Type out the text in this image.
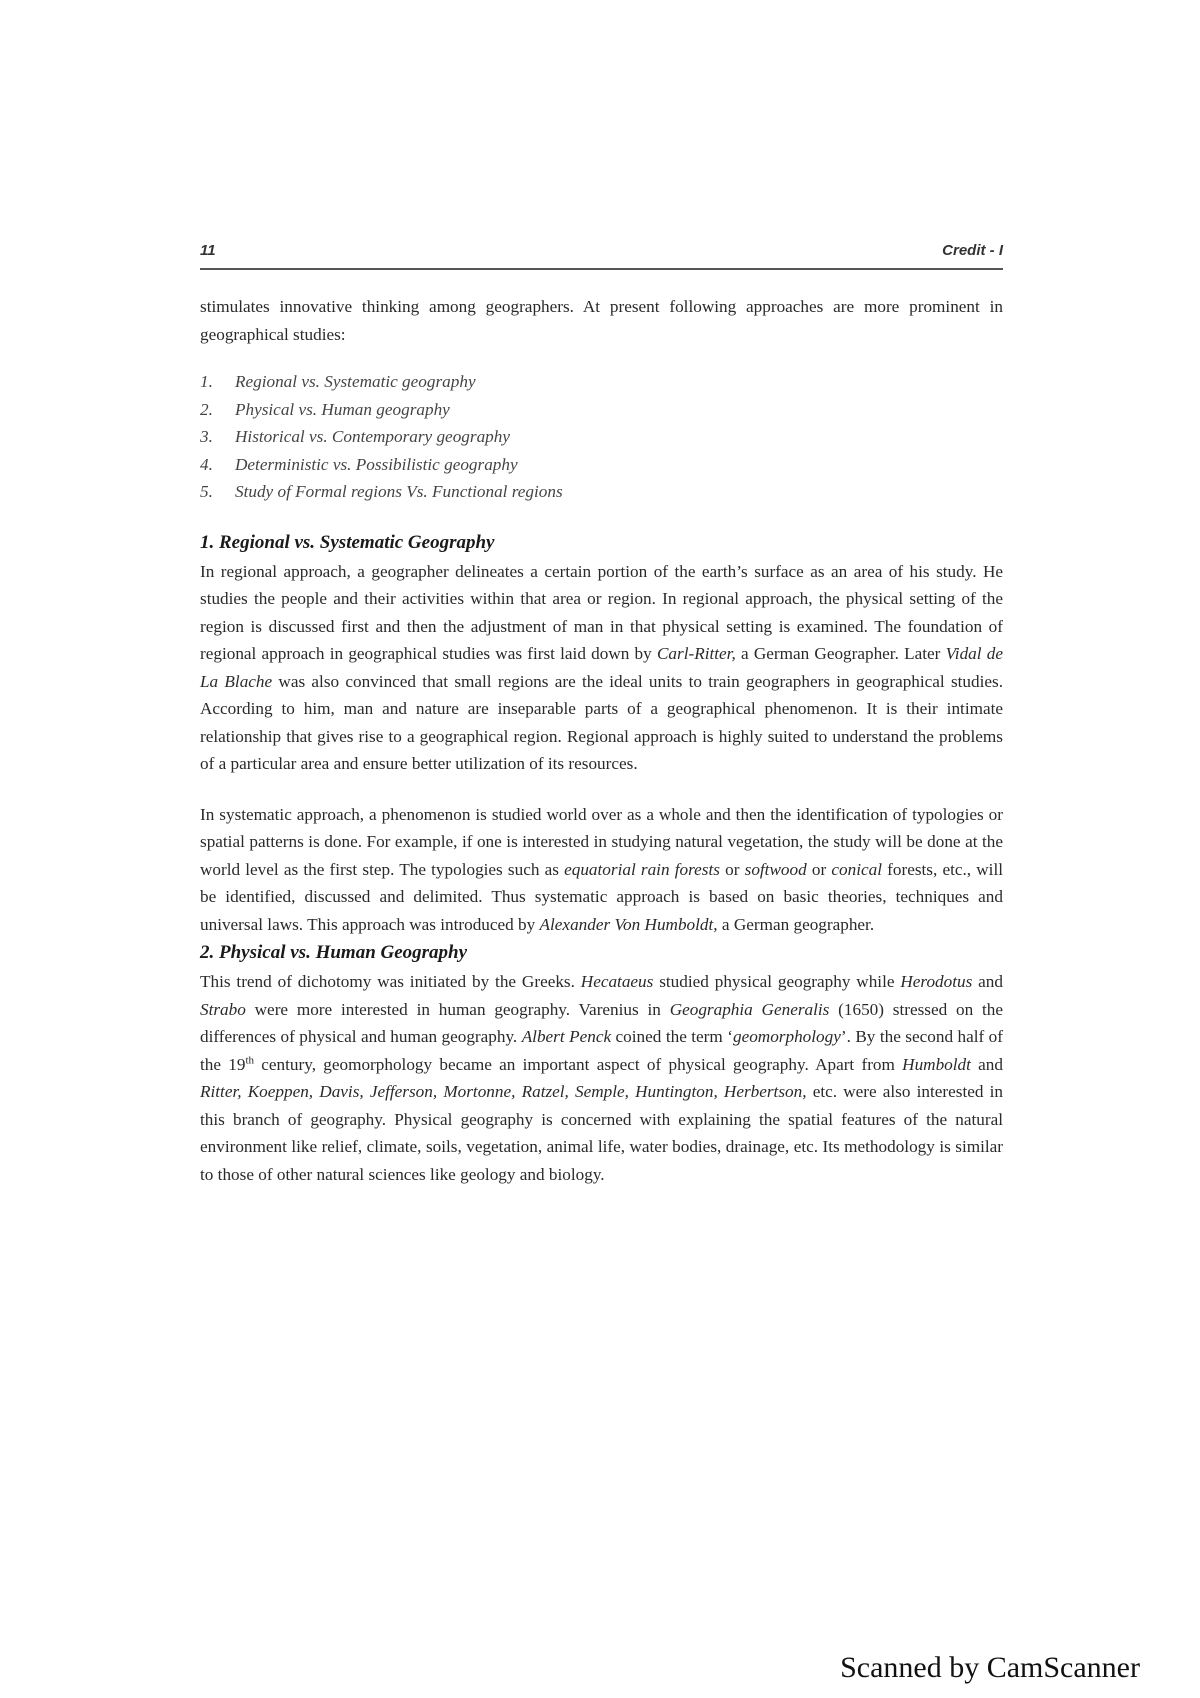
11	Credit - I

stimulates innovative thinking among geographers. At present following approaches are more prominent in geographical studies:

1. Regional vs. Systematic geography
2. Physical vs. Human geography
3. Historical vs. Contemporary geography
4. Deterministic vs. Possibilistic geography
5. Study of Formal regions Vs. Functional regions
1. Regional vs. Systematic Geography

In regional approach, a geographer delineates a certain portion of the earth’s surface as an area of his study. He studies the people and their activities within that area or region. In regional approach, the physical setting of the region is discussed first and then the adjustment of man in that physical setting is examined. The foundation of regional approach in geographical studies was first laid down by Carl-Ritter, a German Geographer. Later Vidal de La Blache was also convinced that small regions are the ideal units to train geographers in geographical studies. According to him, man and nature are inseparable parts of a geographical phenomenon. It is their intimate relationship that gives rise to a geographical region. Regional approach is highly suited to understand the problems of a particular area and ensure better utilization of its resources.

In systematic approach, a phenomenon is studied world over as a whole and then the identification of typologies or spatial patterns is done. For example, if one is interested in studying natural vegetation, the study will be done at the world level as the first step. The typologies such as equatorial rain forests or softwood or conical forests, etc., will be identified, discussed and delimited. Thus systematic approach is based on basic theories, techniques and universal laws. This approach was introduced by Alexander Von Humboldt, a German geographer.

2. Physical vs. Human Geography

This trend of dichotomy was initiated by the Greeks. Hecataeus studied physical geography while Herodotus and Strabo were more interested in human geography. Varenius in Geographia Generalis (1650) stressed on the differences of physical and human geography. Albert Penck coined the term ‘geomorphology’. By the second half of the 19th century, geomorphology became an important aspect of physical geography. Apart from Humboldt and Ritter, Koeppen, Davis, Jefferson, Mortonne, Ratzel, Semple, Huntington, Herbertson, etc. were also interested in this branch of geography. Physical geography is concerned with explaining the spatial features of the natural environment like relief, climate, soils, vegetation, animal life, water bodies, drainage, etc. Its methodology is similar to those of other natural sciences like geology and biology.

Scanned by CamScanner
